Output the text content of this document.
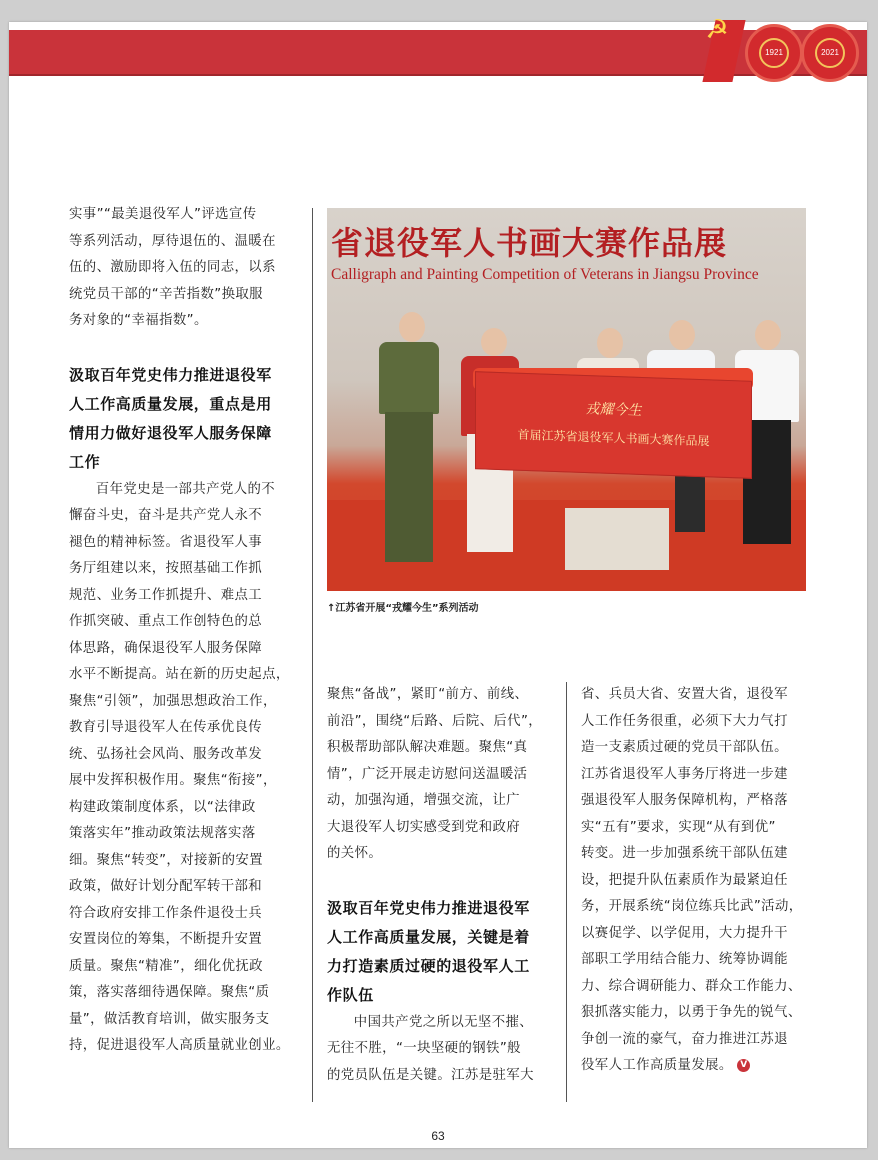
☭
1921	2021

实事”“最美退役军人”评选宣传

等系列活动，厚待退伍的、温暖在

伍的、激励即将入伍的同志，以系

统党员干部的“辛苦指数”换取服

务对象的“幸福指数”。

汲取百年党史伟力推进退役军
人工作高质量发展，重点是用
情用力做好退役军人服务保障
工作

百年党史是一部共产党人的不

懈奋斗史，奋斗是共产党人永不

褪色的精神标签。省退役军人事

务厅组建以来，按照基础工作抓

规范、业务工作抓提升、难点工

作抓突破、重点工作创特色的总

体思路，确保退役军人服务保障

水平不断提高。站在新的历史起点，

聚焦“引领”，加强思想政治工作，

教育引导退役军人在传承优良传

统、弘扬社会风尚、服务改革发

展中发挥积极作用。聚焦“衔接”，

构建政策制度体系，以“法律政

策落实年”推动政策法规落实落

细。聚焦“转变”，对接新的安置

政策，做好计划分配军转干部和

符合政府安排工作条件退役士兵

安置岗位的筹集，不断提升安置

质量。聚焦“精准”，细化优抚政

策，落实落细待遇保障。聚焦“质

量”，做活教育培训，做实服务支

持，促进退役军人高质量就业创业。

省退役军人书画大赛作品展
Calligraph and Painting Competition of Veterans in Jiangsu Province
戎耀今生
首届江苏省退役军人书画大赛作品展
↑江苏省开展“戎耀今生”系列活动

聚焦“备战”，紧盯“前方、前线、

前沿”，围绕“后路、后院、后代”，

积极帮助部队解决难题。聚焦“真

情”，广泛开展走访慰问送温暖活

动，加强沟通，增强交流，让广

大退役军人切实感受到党和政府

的关怀。

汲取百年党史伟力推进退役军
人工作高质量发展，关键是着
力打造素质过硬的退役军人工
作队伍

中国共产党之所以无坚不摧、

无往不胜，“一块坚硬的钢铁”般

的党员队伍是关键。江苏是驻军大

省、兵员大省、安置大省，退役军

人工作任务很重，必须下大力气打

造一支素质过硬的党员干部队伍。

江苏省退役军人事务厅将进一步建

强退役军人服务保障机构，严格落

实“五有”要求，实现“从有到优”

转变。进一步加强系统干部队伍建

设，把提升队伍素质作为最紧迫任

务，开展系统“岗位练兵比武”活动，

以赛促学、以学促用，大力提升干

部职工学用结合能力、统筹协调能

力、综合调研能力、群众工作能力、

狠抓落实能力，以勇于争先的锐气、

争创一流的豪气，奋力推进江苏退

役军人工作高质量发展。 V

63
